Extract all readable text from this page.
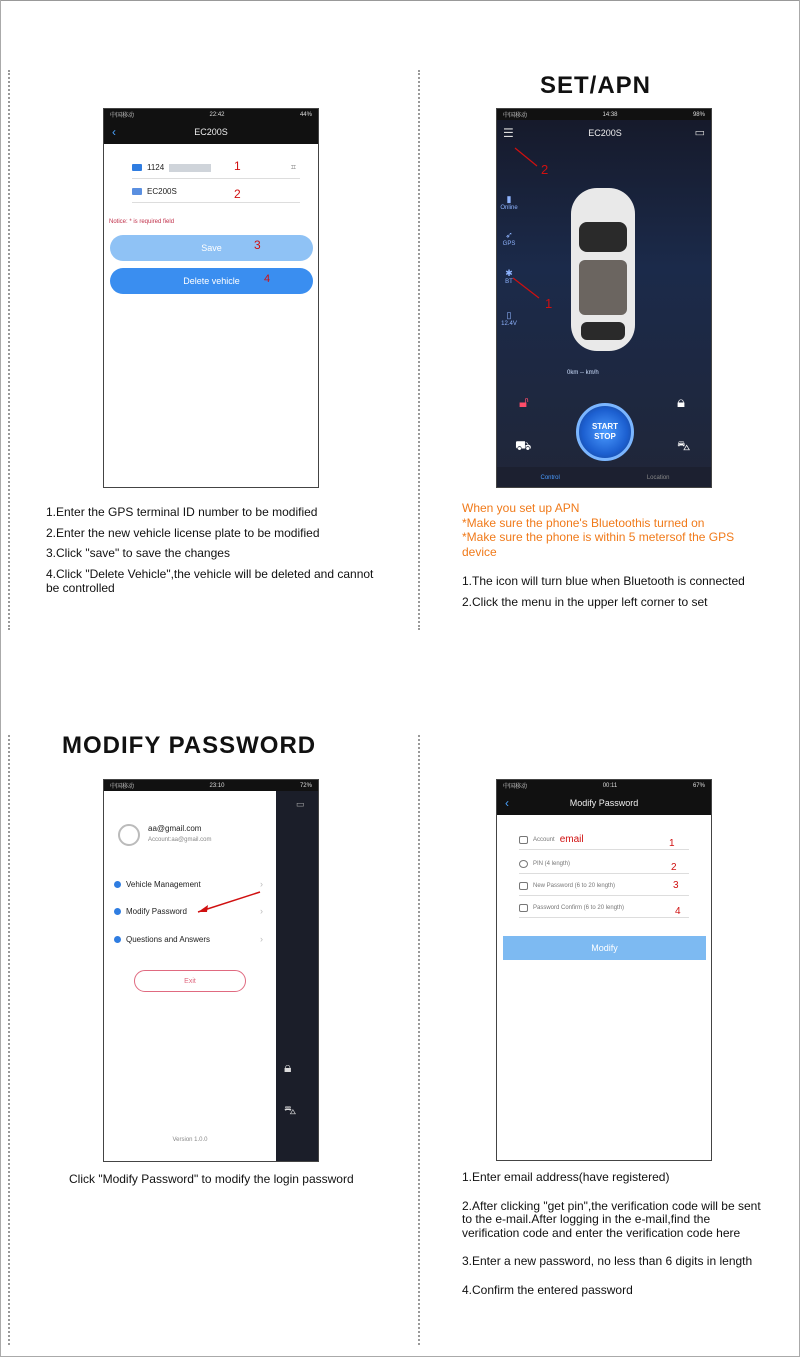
SET/APN
MODIFY PASSWORD
中国移动	22:42	44%
‹	EC200S
1124	⌗
1
EC200S	2
Notice: * is required field
Save	3
Delete vehicle 4
中国移动	14:38	98%
☰	EC200S	▭
2
1
▮
Online
➶
GPS
✱
BT
▯
12.4V
0km -- km/h
🔓︎	🔒︎
⛟	⛍
START
STOP
Control	Location

1.Enter the GPS terminal ID number to be modified

2.Enter the new vehicle license plate to be modified

3.Click "save" to save the changes

4.Click "Delete Vehicle",the vehicle will be deleted and cannot be controlled

When you set up APN

*Make sure the phone's Bluetoothis turned on

*Make sure the phone is within 5 metersof the GPS device

1.The icon will turn blue when Bluetooth is connected

2.Click the menu in the upper left corner to set

中国移动	23:10	72%
▭
🔒︎
⛍
aa@gmail.com
Account:aa@gmail.com
Vehicle Management	›
Modify Password	›
Questions and Answers	›
Exit
Version 1.0.0
中国移动	00:11	67%
‹	Modify Password
Account email	1
PIN (4 length)	2
New Password (6 to 20 length)	3
Password Confirm (6 to 20 length)	4
Modify

Click "Modify Password" to modify the login password	1.Enter email address(have registered)

2.After clicking "get pin",the verification code will be sent to the e-mail.After logging in the e-mail,find the verification code and enter the verification code here

3.Enter a new password, no less than 6 digits in length

4.Confirm the entered password
